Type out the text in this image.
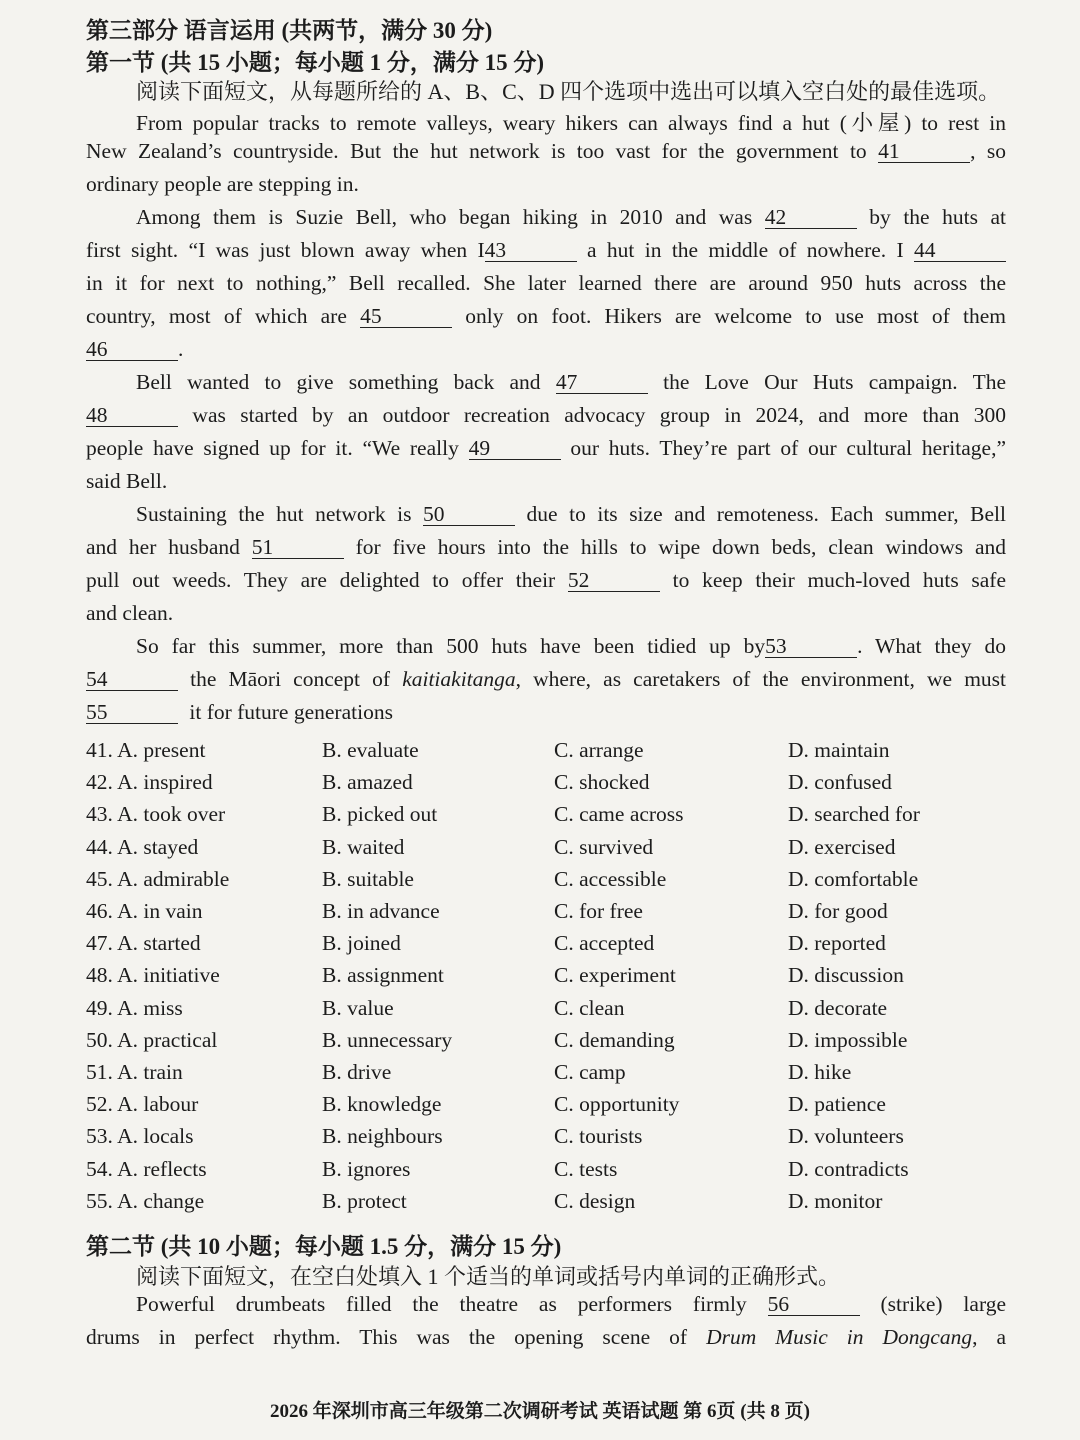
第三部分 语言运用 (共两节，满分 30 分)
第一节 (共 15 小题；每小题 1 分，满分 15 分)
阅读下面短文，从每题所给的 A、B、C、D 四个选项中选出可以填入空白处的最佳选项。
From popular tracks to remote valleys, weary hikers can always find a hut (小屋) to rest in
New Zealand’s countryside. But the hut network is too vast for the government to 41	, so
ordinary people are stepping in.
Among them is Suzie Bell, who began hiking in 2010 and was 42	by the huts at
first sight. “I was just blown away when I43	a hut in the middle of nowhere. I 44
in it for next to nothing,” Bell recalled. She later learned there are around 950 huts across the
country, most of which are 45	only on foot. Hikers are welcome to use most of them
46	.
Bell wanted to give something back and 47	the Love Our Huts campaign. The
48	was started by an outdoor recreation advocacy group in 2024, and more than 300
people have signed up for it. “We really 49	our huts. They’re part of our cultural heritage,”
said Bell.
Sustaining the hut network is 50	due to its size and remoteness. Each summer, Bell
and her husband 51	for five hours into the hills to wipe down beds, clean windows and
pull out weeds. They are delighted to offer their 52	to keep their much-loved huts safe
and clean.
So far this summer, more than 500 huts have been tidied up by53	. What they do
54	the Māori concept of kaitiakitanga, where, as caretakers of the environment, we must
55	it for future generations
41. A. present	B. evaluate	C. arrange	D. maintain
42. A. inspired	B. amazed	C. shocked	D. confused
43. A. took over	B. picked out	C. came across	D. searched for
44. A. stayed	B. waited	C. survived	D. exercised
45. A. admirable	B. suitable	C. accessible	D. comfortable
46. A. in vain	B. in advance	C. for free	D. for good
47. A. started	B. joined	C. accepted	D. reported
48. A. initiative	B. assignment	C. experiment	D. discussion
49. A. miss	B. value	C. clean	D. decorate
50. A. practical	B. unnecessary	C. demanding	D. impossible
51. A. train	B. drive	C. camp	D. hike
52. A. labour	B. knowledge	C. opportunity	D. patience
53. A. locals	B. neighbours	C. tourists	D. volunteers
54. A. reflects	B. ignores	C. tests	D. contradicts
55. A. change	B. protect	C. design	D. monitor
第二节 (共 10 小题；每小题 1.5 分，满分 15 分)
阅读下面短文，在空白处填入 1 个适当的单词或括号内单词的正确形式。
Powerful drumbeats filled the theatre as performers firmly 56	(strike) large
drums in perfect rhythm. This was the opening scene of Drum Music in Dongcang, a
2026 年深圳市高三年级第二次调研考试 英语试题 第 6页 (共 8 页)
